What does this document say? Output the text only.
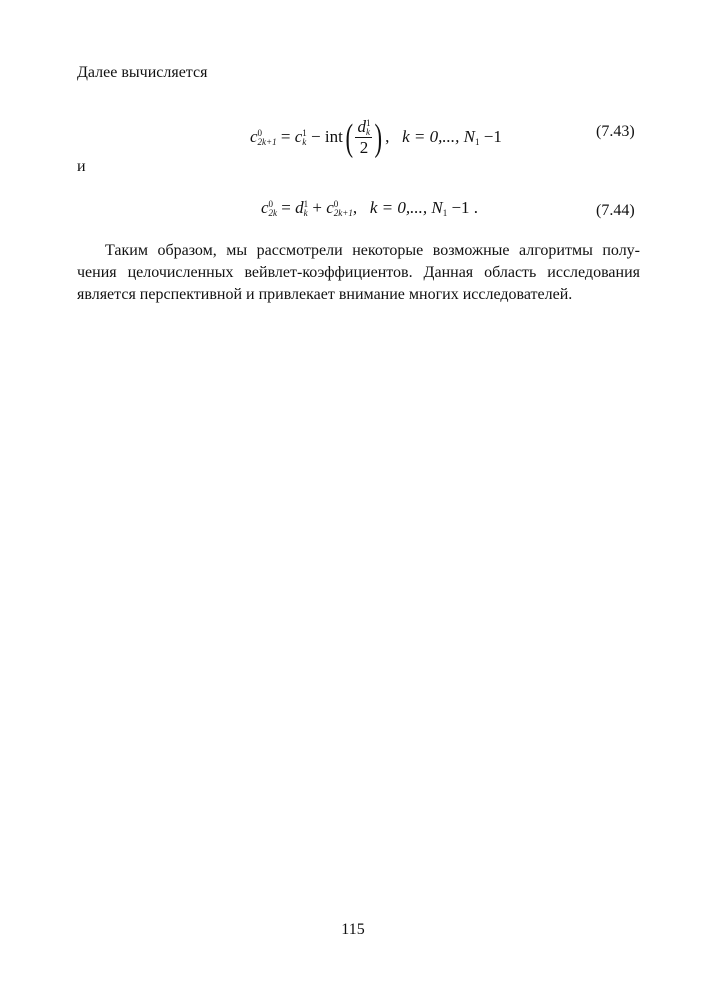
Далее вычисляется
c 0
2k+1 = c 1
k − int( d 1
k
2 ) , k = 0,..., N
1 −1	(7.43)
и
c 0
2k = d 1
k + c 0
2k+1 , k = 0,..., N
1 −1 .	(7.44)

Таким образом, мы рассмотрели некоторые возможные алгоритмы полу-

чения целочисленных вейвлет-коэффициентов. Данная область исследования

является перспективной и привлекает внимание многих исследователей.

115
